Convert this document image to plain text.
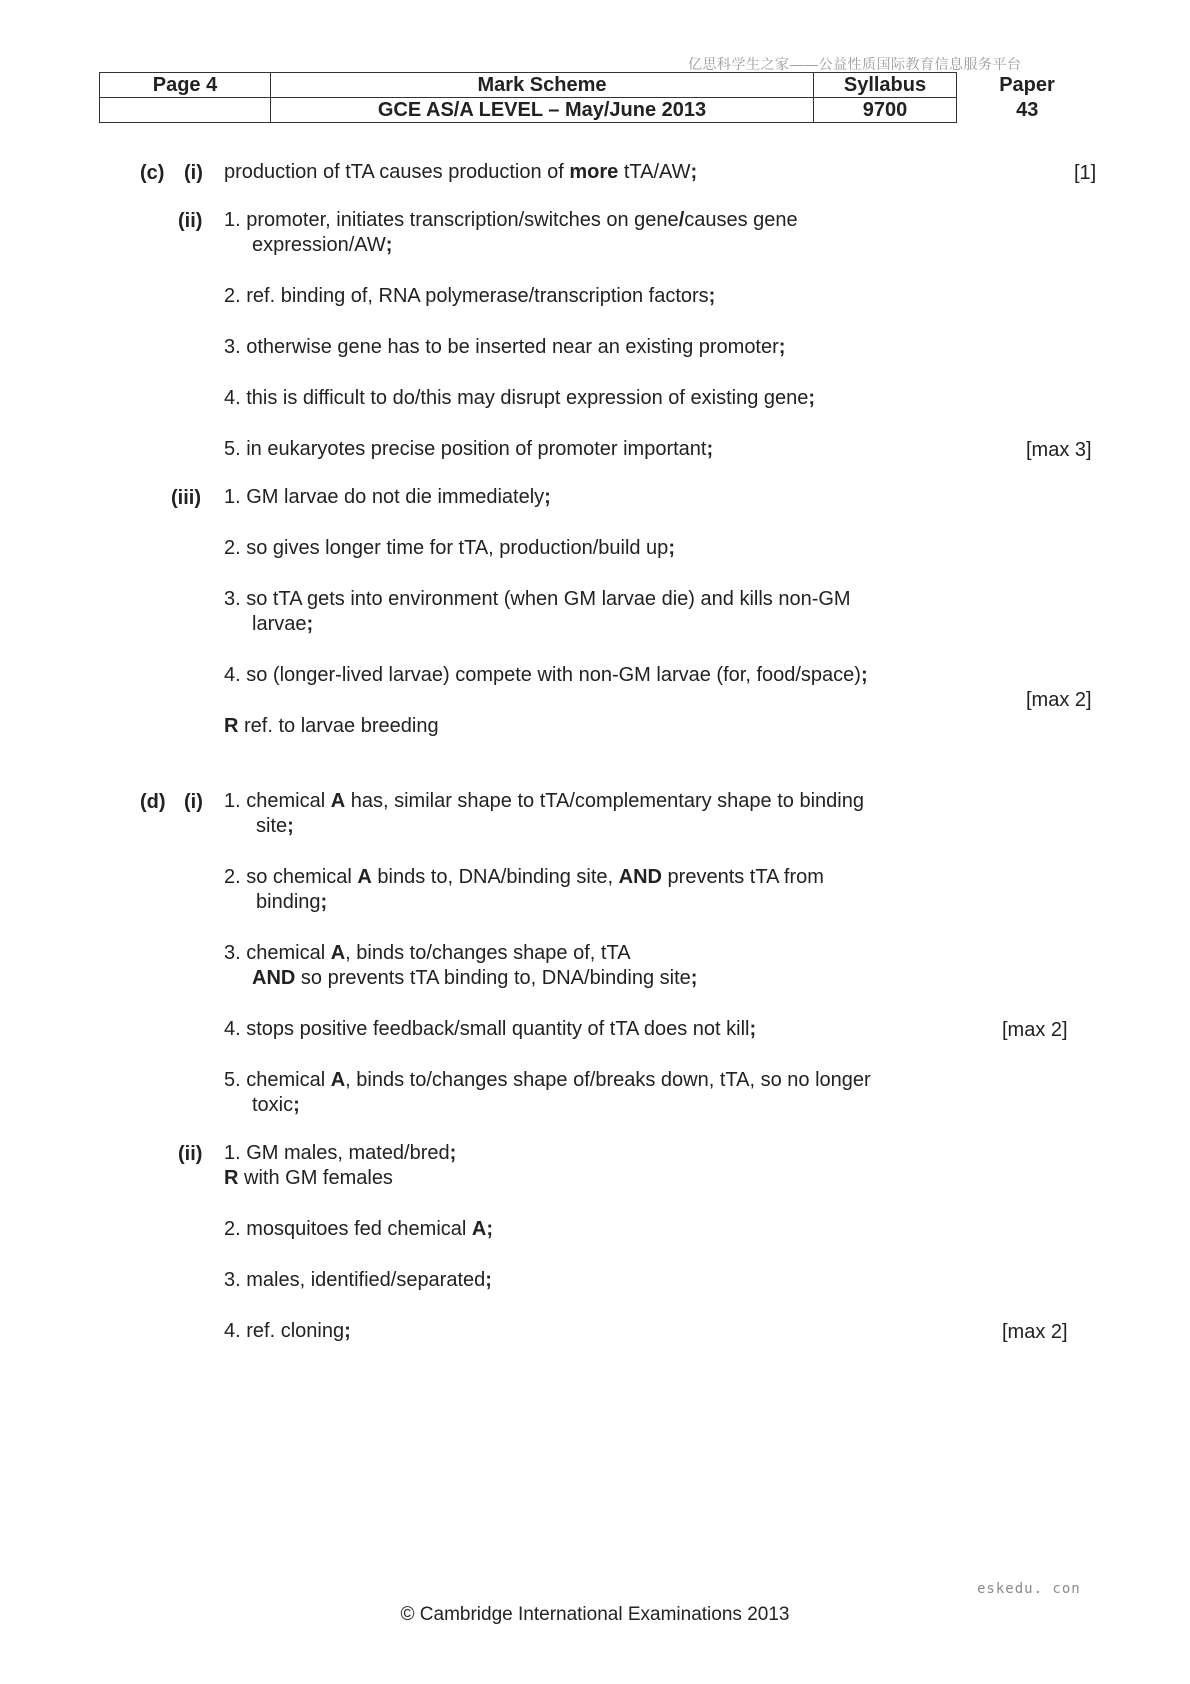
亿思科学生之家——公益性质国际教育信息服务平台
Page 4	Mark Scheme	Syllabus	Paper
	GCE AS/A LEVEL – May/June 2013	9700	43
(c) (i) production of tTA causes production of more tTA/AW;	[1]
(ii) 1. promoter, initiates transcription/switches on gene/causes gene
expression/AW;
2. ref. binding of, RNA polymerase/transcription factors;
3. otherwise gene has to be inserted near an existing promoter;
4. this is difficult to do/this may disrupt expression of existing gene;
5. in eukaryotes precise position of promoter important;	[max 3]
(iii) 1. GM larvae do not die immediately;
2. so gives longer time for tTA, production/build up;
3. so tTA gets into environment (when GM larvae die) and kills non-GM
larvae;
4. so (longer-lived larvae) compete with non-GM larvae (for, food/space);
[max 2]
R ref. to larvae breeding
(d) (i) 1. chemical A has, similar shape to tTA/complementary shape to binding
site;
2. so chemical A binds to, DNA/binding site, AND prevents tTA from
binding;
3. chemical A, binds to/changes shape of, tTA
AND so prevents tTA binding to, DNA/binding site;
4. stops positive feedback/small quantity of tTA does not kill;	[max 2]
5. chemical A, binds to/changes shape of/breaks down, tTA, so no longer
toxic;
(ii) 1. GM males, mated/bred;
R with GM females
2. mosquitoes fed chemical A;
3. males, identified/separated;
4. ref. cloning;	[max 2]
eskedu. con
© Cambridge International Examinations 2013
